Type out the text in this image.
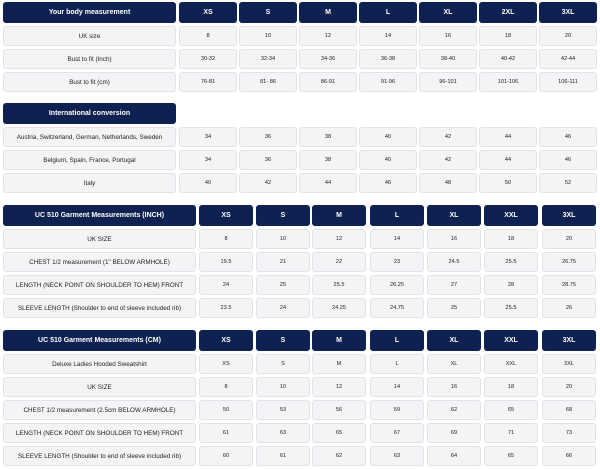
Your body measurement	XS	S	M	L	XL	2XL	3XL
UK size	8	10	12	14	16	18	20
Bust to fit (Inch)	30-32	32-34	34-36	36-38	38-40	40-42	42-44
Bust to fit (cm)	76-81	81- 86	86-91	91-96	96-101	101-106	106-111
International conversion
Austria, Switzerland, German, Netherlands, Sweden	34	36	38	40	42	44	46
Belgium, Spain, France, Portugal	34	36	38	40	42	44	46
Italy	40	42	44	46	48	50	52
UC 510 Garment Measurements (INCH)	XS	S	M	L	XL	XXL	3XL
UK SIZE	8	10	12	14	16	18	20
CHEST 1/2 measurement (1" BELOW ARMHOLE)	19.5	21	22	23	24.5	25.5	26.75
LENGTH (NECK POINT ON SHOULDER TO HEM) FRONT	24	25	25.5	26.25	27	28	28.75
SLEEVE LENGTH (Shoulder to end of sleeve included rib)	23.5	24	24.25	24.75	25	25.5	26
UC 510 Garment Measurements (CM)	XS	S	M	L	XL	XXL	3XL
Deluxe Ladies Hooded Sweatshirt	XS	S	M	L	XL	XXL	3XL
UK SIZE	8	10	12	14	16	18	20
CHEST 1/2 measurement (2.5cm BELOW ARMHOLE)	50	53	56	59	62	65	68
LENGTH (NECK POINT ON SHOULDER TO HEM) FRONT	61	63	65	67	69	71	73
SLEEVE LENGTH (Shoulder to end of sleeve included rib)	60	61	62	63	64	65	66
